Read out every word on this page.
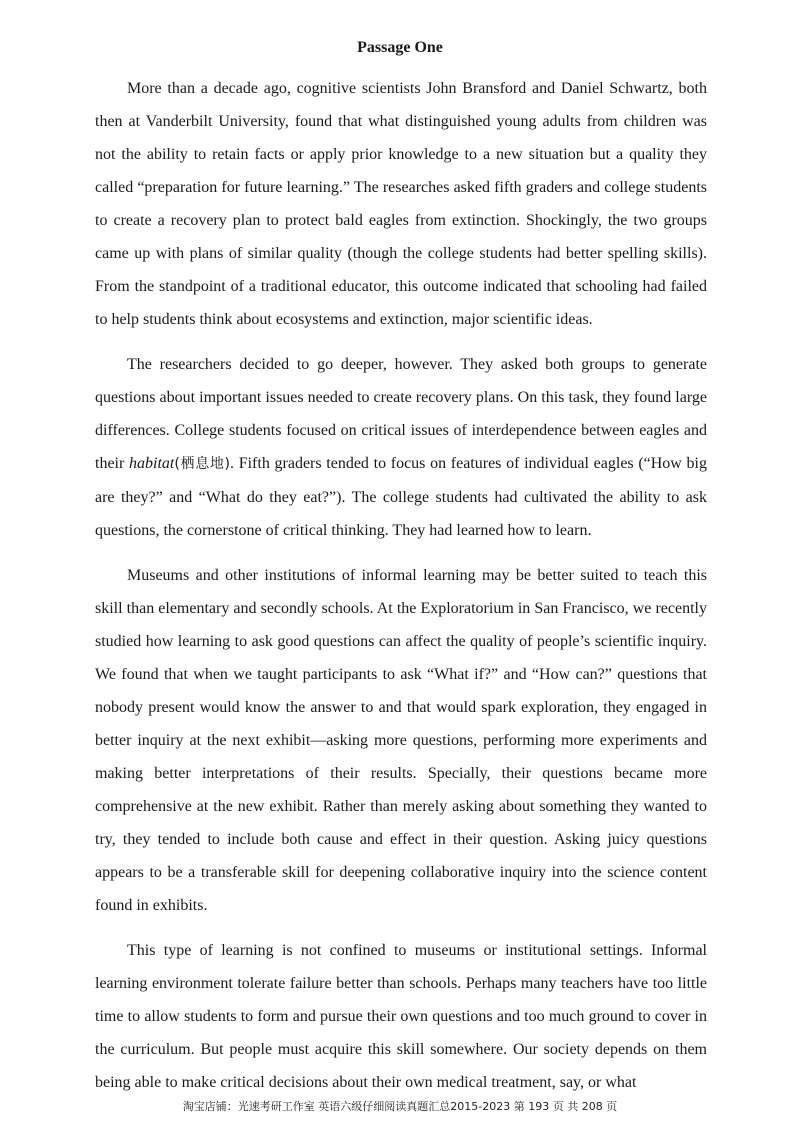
Passage One

More than a decade ago, cognitive scientists John Bransford and Daniel Schwartz, both then at Vanderbilt University, found that what distinguished young adults from children was not the ability to retain facts or apply prior knowledge to a new situation but a quality they called “preparation for future learning.” The researches asked fifth graders and college students to create a recovery plan to protect bald eagles from extinction. Shockingly, the two groups came up with plans of similar quality (though the college students had better spelling skills). From the standpoint of a traditional educator, this outcome indicated that schooling had failed to help students think about ecosystems and extinction, major scientific ideas.

The researchers decided to go deeper, however. They asked both groups to generate questions about important issues needed to create recovery plans. On this task, they found large differences. College students focused on critical issues of interdependence between eagles and their habitat(栖息地). Fifth graders tended to focus on features of individual eagles (“How big are they?” and “What do they eat?”). The college students had cultivated the ability to ask questions, the cornerstone of critical thinking. They had learned how to learn.

Museums and other institutions of informal learning may be better suited to teach this skill than elementary and secondly schools. At the Exploratorium in San Francisco, we recently studied how learning to ask good questions can affect the quality of people’s scientific inquiry. We found that when we taught participants to ask “What if?” and “How can?” questions that nobody present would know the answer to and that would spark exploration, they engaged in better inquiry at the next exhibit—asking more questions, performing more experiments and making better interpretations of their results. Specially, their questions became more comprehensive at the new exhibit. Rather than merely asking about something they wanted to try, they tended to include both cause and effect in their question. Asking juicy questions appears to be a transferable skill for deepening collaborative inquiry into the science content found in exhibits.

This type of learning is not confined to museums or institutional settings. Informal learning environment tolerate failure better than schools. Perhaps many teachers have too little time to allow students to form and pursue their own questions and too much ground to cover in the curriculum. But people must acquire this skill somewhere. Our society depends on them being able to make critical decisions about their own medical treatment, say, or what

淘宝店铺：光速考研工作室 英语六级仔细阅读真题汇总2015-2023 第 193 页 共 208 页
